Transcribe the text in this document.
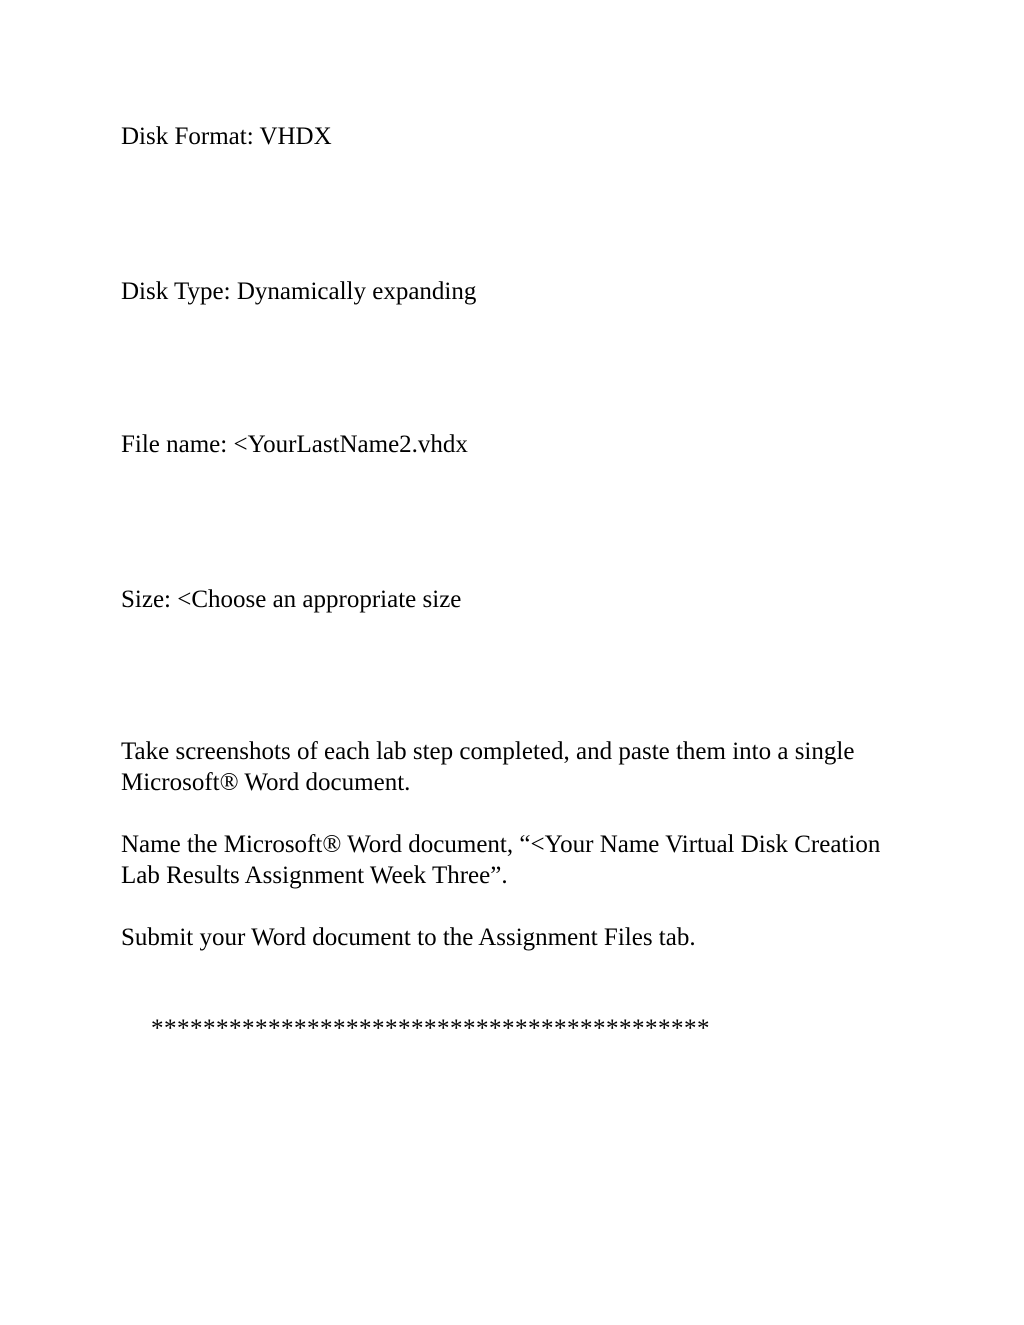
Disk Format: VHDX

Disk Type: Dynamically expanding

File name: <YourLastName2.vhdx

Size: <Choose an appropriate size

Take screenshots of each lab step completed, and paste them into a single Microsoft® Word document.

Name the Microsoft® Word document, “<Your Name Virtual Disk Creation Lab Results Assignment Week Three”.

Submit your Word document to the Assignment Files tab.

*******************************************
